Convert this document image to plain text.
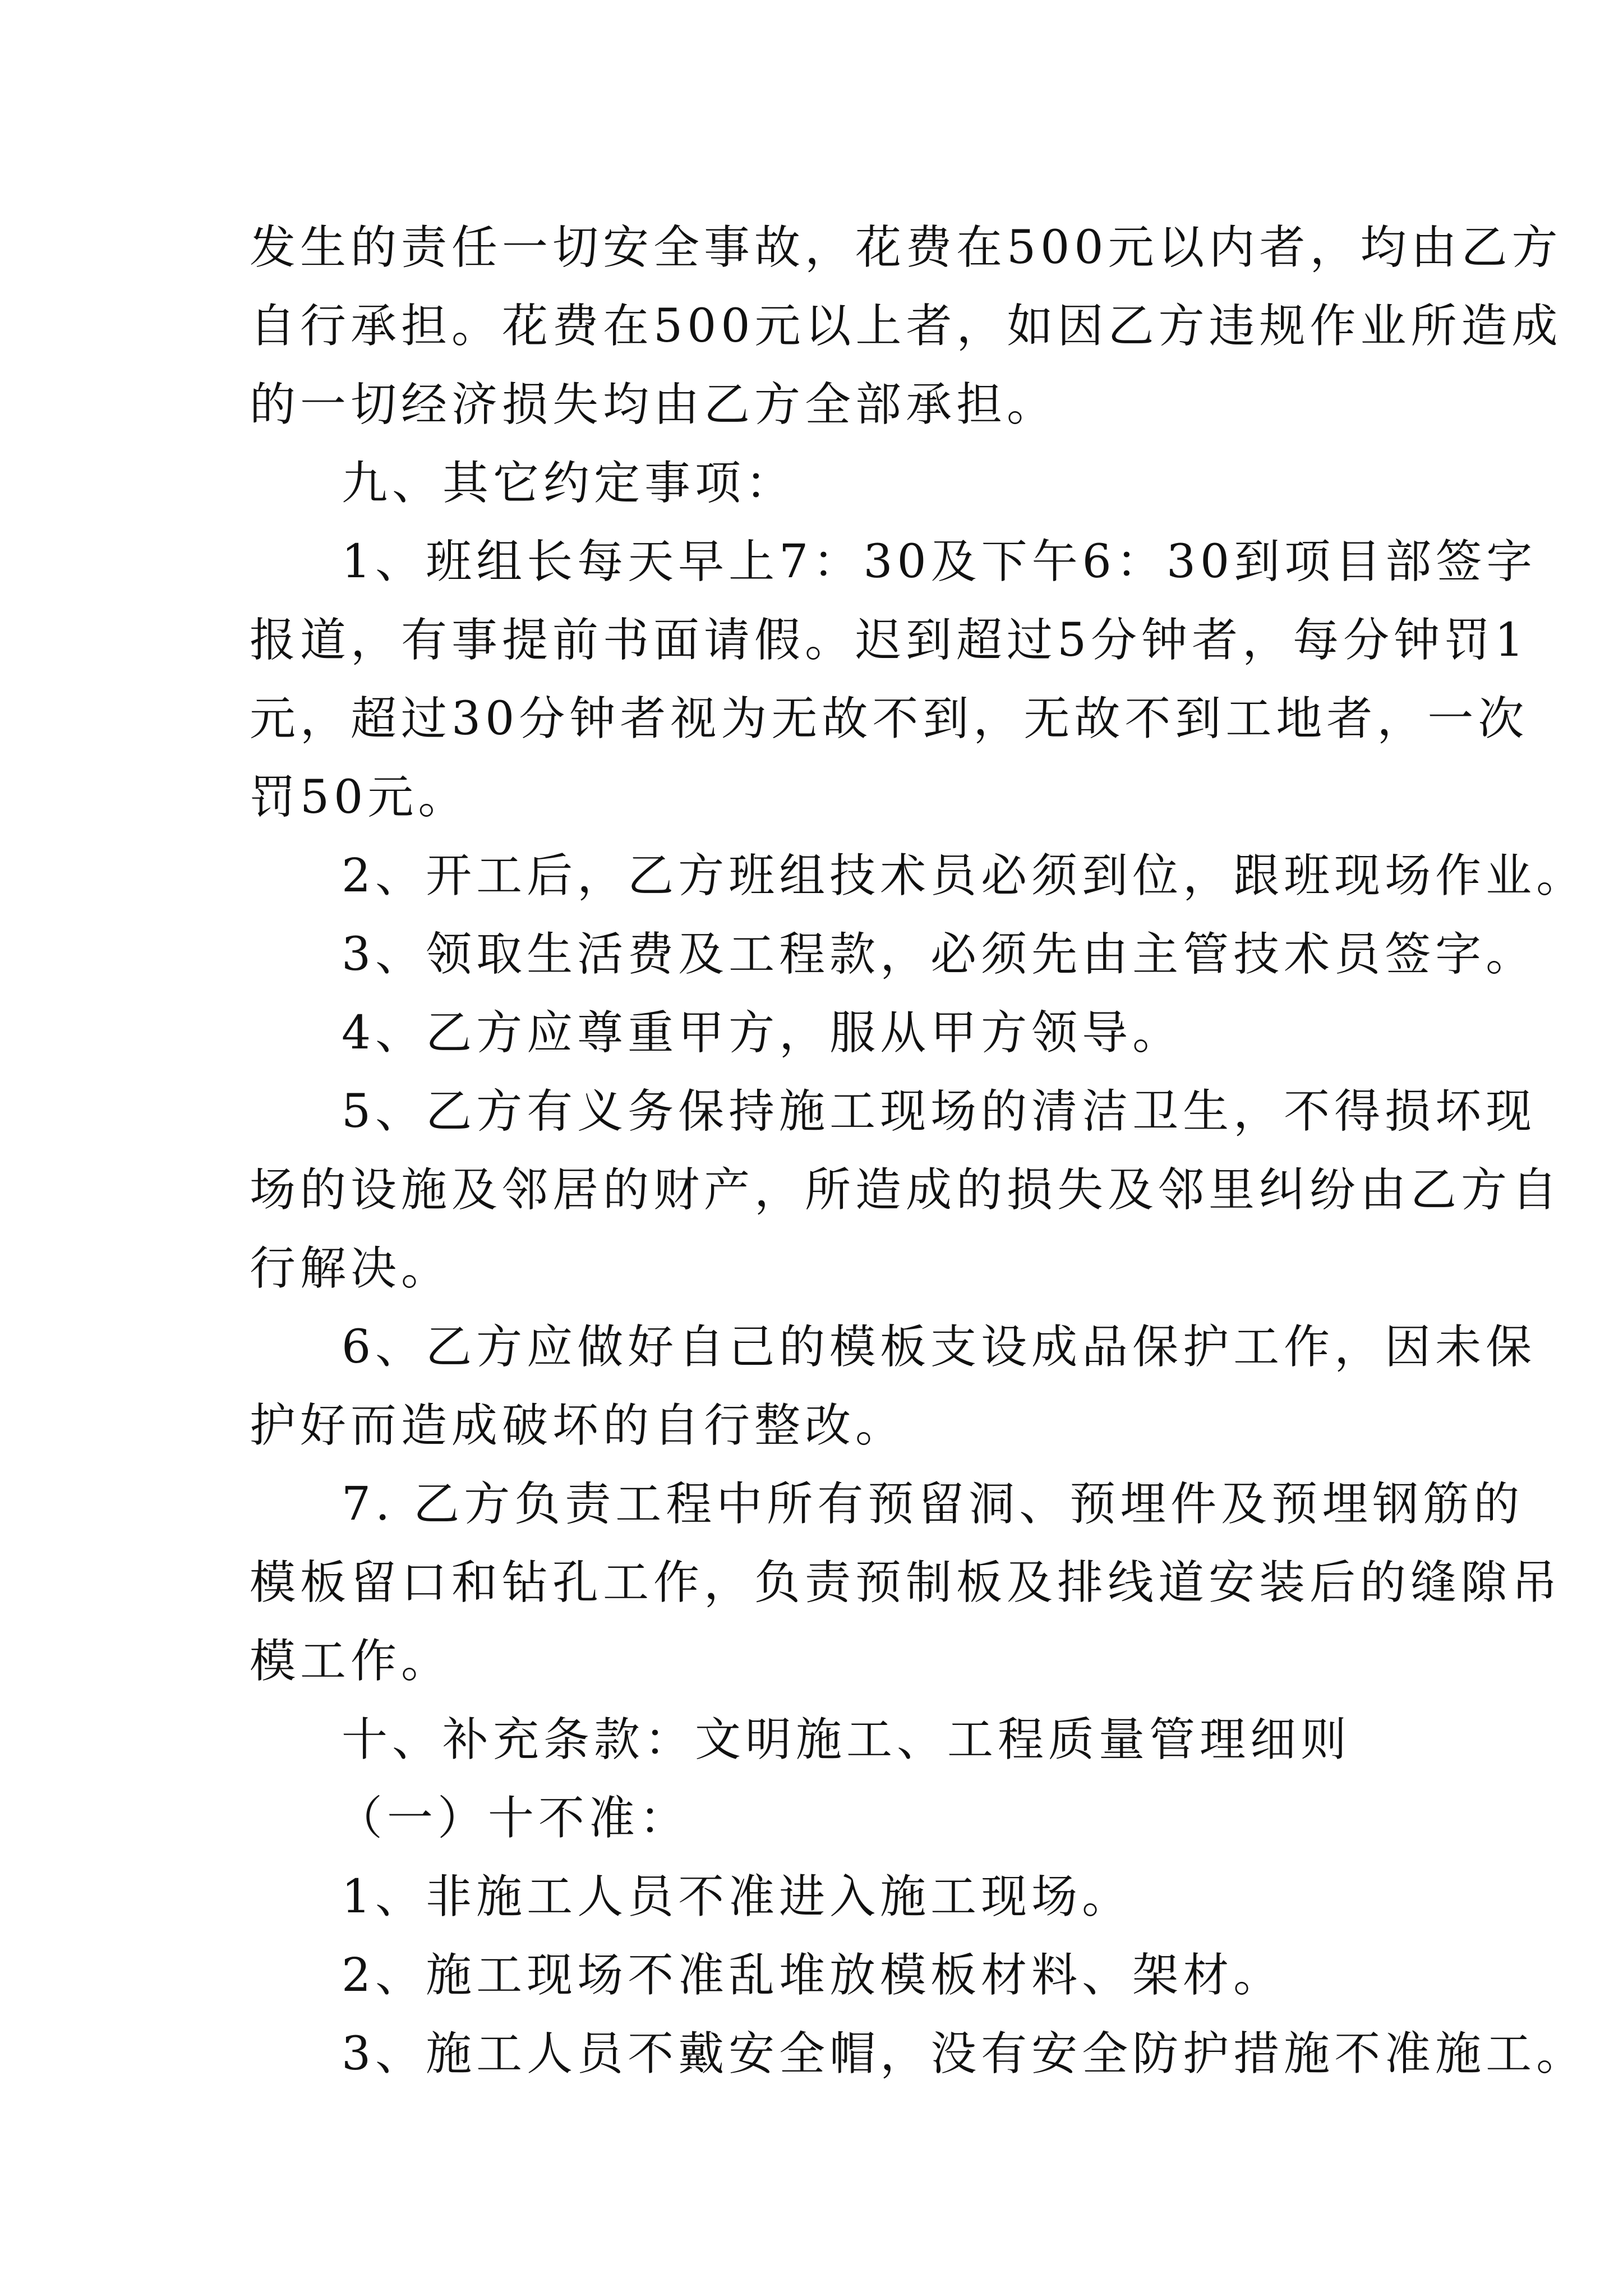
发生的责任一切安全事故，花费在500元以内者，均由乙方
自行承担。花费在500元以上者，如因乙方违规作业所造成
的一切经济损失均由乙方全部承担。
九、其它约定事项：
1、班组长每天早上7：30及下午6：30到项目部签字
报道，有事提前书面请假。迟到超过5分钟者，每分钟罚1
元，超过30分钟者视为无故不到，无故不到工地者，一次
罚50元。
2、开工后，乙方班组技术员必须到位，跟班现场作业。
3、领取生活费及工程款，必须先由主管技术员签字。
4、乙方应尊重甲方，服从甲方领导。
5、乙方有义务保持施工现场的清洁卫生，不得损坏现
场的设施及邻居的财产，所造成的损失及邻里纠纷由乙方自
行解决。
6、乙方应做好自己的模板支设成品保护工作，因未保
护好而造成破坏的自行整改。
7. 乙方负责工程中所有预留洞、预埋件及预埋钢筋的
模板留口和钻孔工作，负责预制板及排线道安装后的缝隙吊
模工作。
十、补充条款：文明施工、工程质量管理细则
（一）十不准：
1、非施工人员不准进入施工现场。
2、施工现场不准乱堆放模板材料、架材。
3、施工人员不戴安全帽，没有安全防护措施不准施工。
